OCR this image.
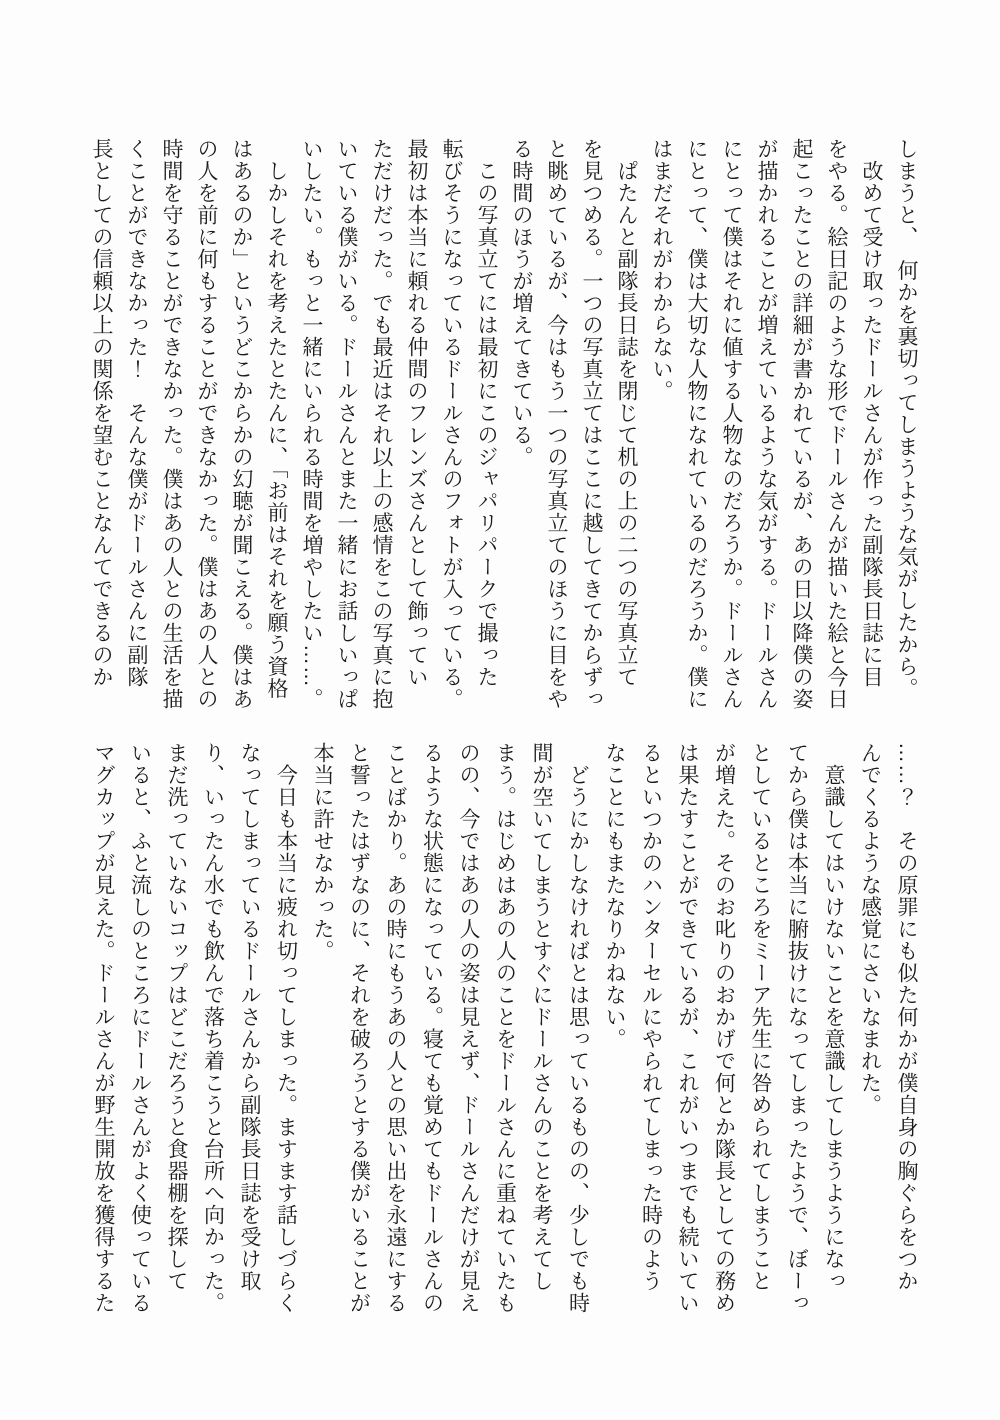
しまうと、　何かを裏切ってしまうような気がしたから。
　改めて受け取ったドールさんが作った副隊長日誌に目
をやる。絵日記のような形でドールさんが描いた絵と今日
起こったことの詳細が書かれているが、あの日以降僕の姿
が描かれることが増えているような気がする。ドールさん
にとって僕はそれに値する人物なのだろうか。ドールさん
にとって、僕は大切な人物になれているのだろうか。僕に
はまだそれがわからない。
　ぱたんと副隊長日誌を閉じて机の上の二つの写真立て
を見つめる。一つの写真立てはここに越してきてからずっ
と眺めているが、今はもう一つの写真立てのほうに目をや
る時間のほうが増えてきている。
　この写真立てには最初にこのジャパリパークで撮った
転びそうになっているドールさんのフォトが入っている。
最初は本当に頼れる仲間のフレンズさんとして飾ってい
ただけだった。でも最近はそれ以上の感情をこの写真に抱
いている僕がいる。ドールさんとまた一緒にお話しいっぱ
いしたい。もっと一緒にいられる時間を増やしたい……。
　しかしそれを考えたとたんに、「お前はそれを願う資格
はあるのか」というどこからかの幻聴が聞こえる。僕はあ
の人を前に何もすることができなかった。僕はあの人との
時間を守ることができなかった。僕はあの人との生活を描
くことができなかった！　そんな僕がドールさんに副隊
長としての信頼以上の関係を望むことなんてできるのか
……？　その原罪にも似た何かが僕自身の胸ぐらをつか
んでくるような感覚にさいなまれた。
　意識してはいけないことを意識してしまうようになっ
てから僕は本当に腑抜けになってしまったようで、ぼーっ
としているところをミーア先生に咎められてしまうこと
が増えた。そのお叱りのおかげで何とか隊長としての務め
は果たすことができているが、これがいつまでも続いてい
るといつかのハンターセルにやられてしまった時のよう
なことにもまたなりかねない。
　どうにかしなければとは思っているものの、少しでも時
間が空いてしまうとすぐにドールさんのことを考えてし
まう。はじめはあの人のことをドールさんに重ねていたも
のの、今ではあの人の姿は見えず、ドールさんだけが見え
るような状態になっている。寝ても覚めてもドールさんの
ことばかり。あの時にもうあの人との思い出を永遠にする
と誓ったはずなのに、それを破ろうとする僕がいることが
本当に許せなかった。
　今日も本当に疲れ切ってしまった。ますます話しづらく
なってしまっているドールさんから副隊長日誌を受け取
り、いったん水でも飲んで落ち着こうと台所へ向かった。
まだ洗っていないコップはどこだろうと食器棚を探して
いると、ふと流しのところにドールさんがよく使っている
マグカップが見えた。ドールさんが野生開放を獲得するた
